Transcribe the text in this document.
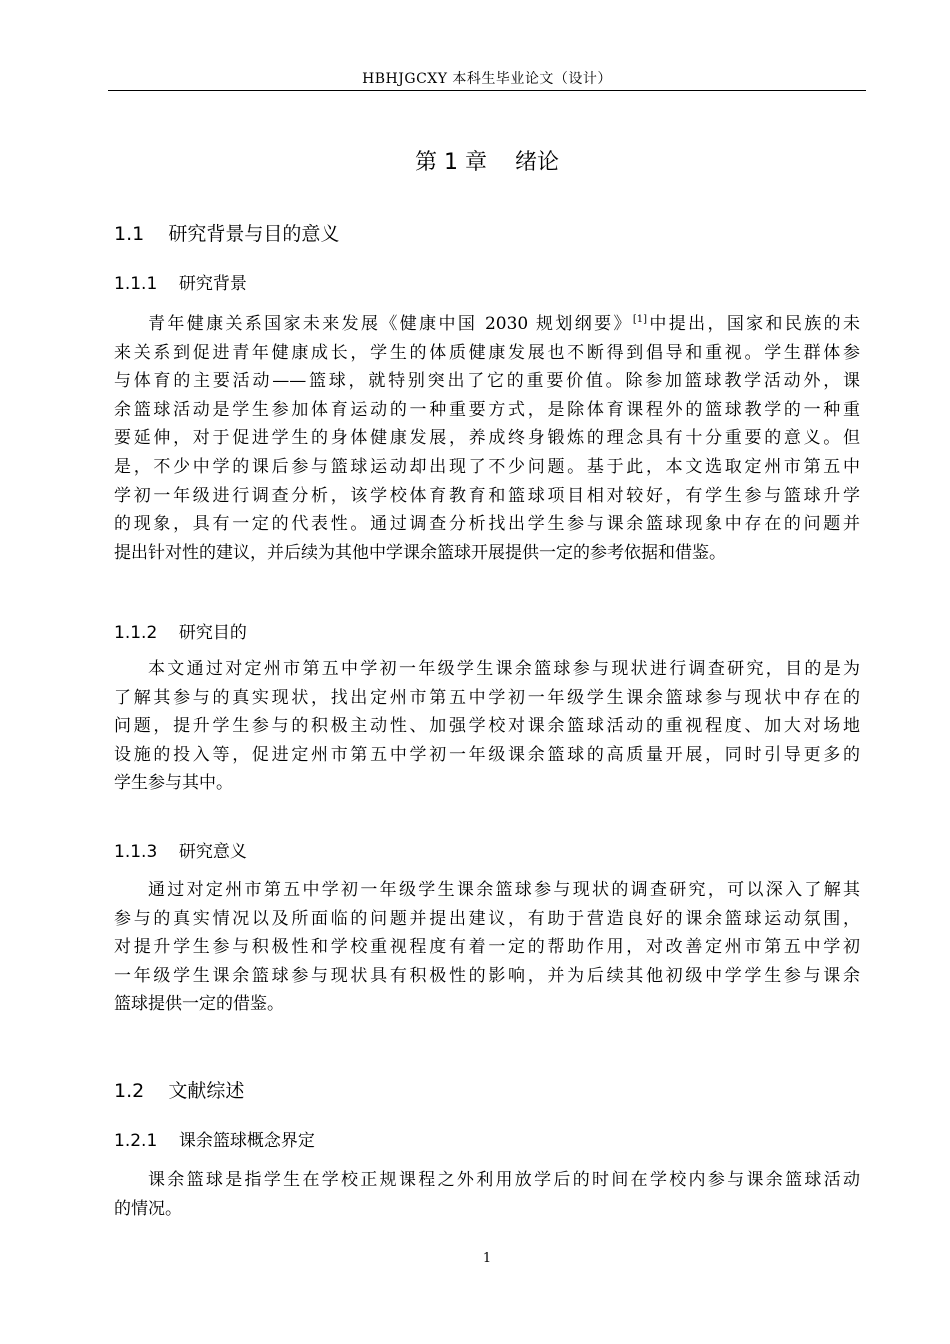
HBHJGCXY 本科生毕业论文（设计）
第 1 章    绪论
1.1    研究背景与目的意义
1.1.1    研究背景
青年健康关系国家未来发展《健康中国 2030 规划纲要》[1]中提出，国家和民族的未
来关系到促进青年健康成长，学生的体质健康发展也不断得到倡导和重视。学生群体参
与体育的主要活动——篮球，就特别突出了它的重要价值。除参加篮球教学活动外，课
余篮球活动是学生参加体育运动的一种重要方式，是除体育课程外的篮球教学的一种重
要延伸，对于促进学生的身体健康发展，养成终身锻炼的理念具有十分重要的意义。但
是，不少中学的课后参与篮球运动却出现了不少问题。基于此，本文选取定州市第五中
学初一年级进行调查分析，该学校体育教育和篮球项目相对较好，有学生参与篮球升学
的现象，具有一定的代表性。通过调查分析找出学生参与课余篮球现象中存在的问题并
提出针对性的建议，并后续为其他中学课余篮球开展提供一定的参考依据和借鉴。
1.1.2    研究目的
本文通过对定州市第五中学初一年级学生课余篮球参与现状进行调查研究，目的是为
了解其参与的真实现状，找出定州市第五中学初一年级学生课余篮球参与现状中存在的
问题，提升学生参与的积极主动性、加强学校对课余篮球活动的重视程度、加大对场地
设施的投入等，促进定州市第五中学初一年级课余篮球的高质量开展，同时引导更多的
学生参与其中。
1.1.3    研究意义
通过对定州市第五中学初一年级学生课余篮球参与现状的调查研究，可以深入了解其
参与的真实情况以及所面临的问题并提出建议，有助于营造良好的课余篮球运动氛围，
对提升学生参与积极性和学校重视程度有着一定的帮助作用，对改善定州市第五中学初
一年级学生课余篮球参与现状具有积极性的影响，并为后续其他初级中学学生参与课余
篮球提供一定的借鉴。
1.2    文献综述
1.2.1    课余篮球概念界定
课余篮球是指学生在学校正规课程之外利用放学后的时间在学校内参与课余篮球活动
的情况。
1
